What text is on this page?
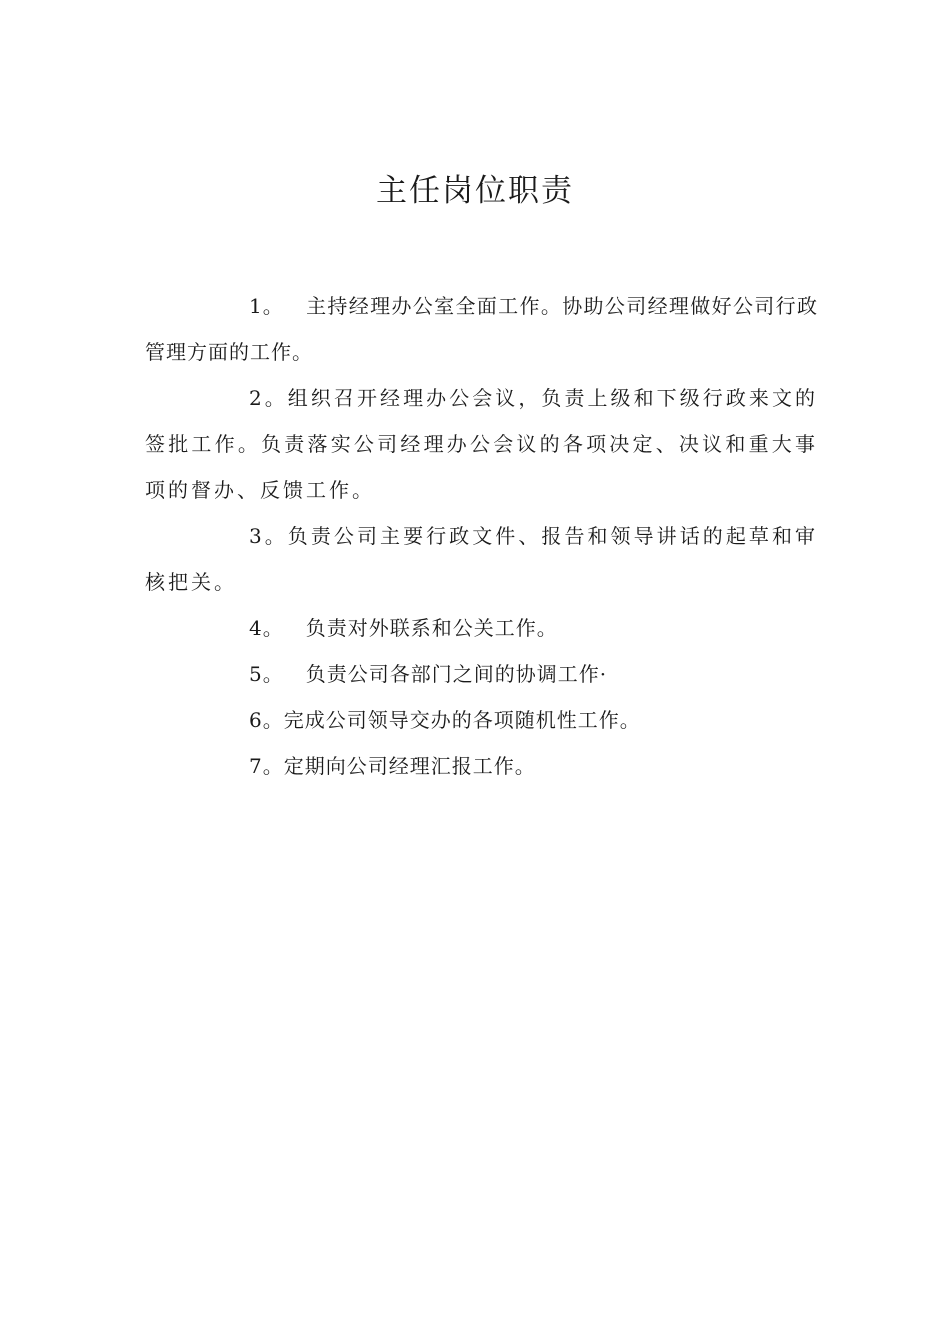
主任岗位职责
1。 主持经理办公室全面工作。协助公司经理做好公司行政管理方面的工作。
2。组织召开经理办公会议，负责上级和下级行政来文的签批工作。负责落实公司经理办公会议的各项决定、决议和重大事项的督办、反馈工作。
3。负责公司主要行政文件、报告和领导讲话的起草和审核把关。
4。 负责对外联系和公关工作。
5。 负责公司各部门之间的协调工作·
6。完成公司领导交办的各项随机性工作。
7。定期向公司经理汇报工作。
